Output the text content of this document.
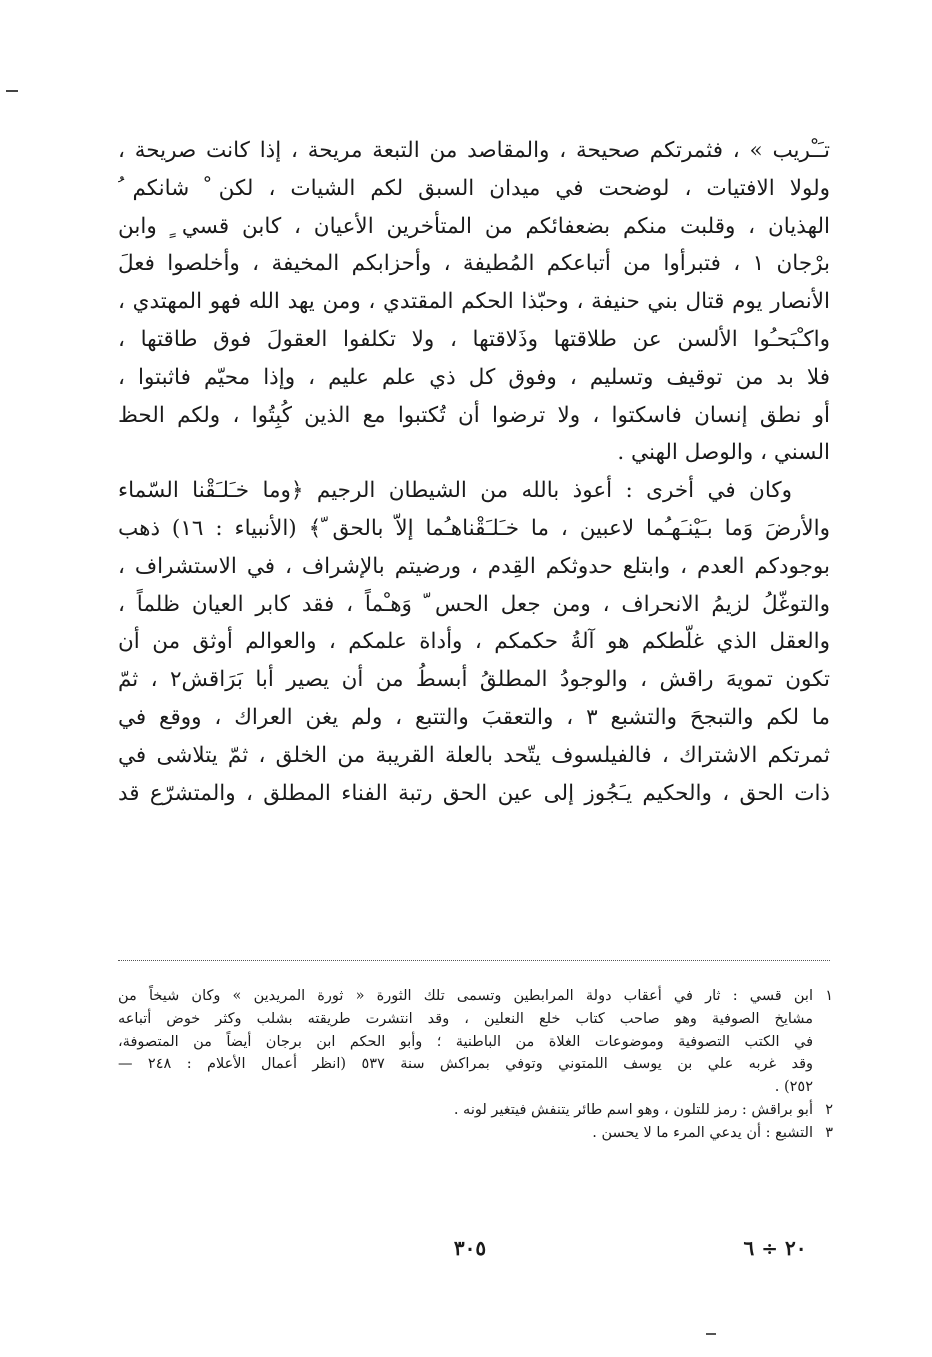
تـَـْريب » ، فثمرتكم صحيحة ، والمقاصد من التبعة مريحة ، إذا كانت صريحة ،
ولولا الافتيات ، لوضحت في ميدان السبق لكم الشيات ، لكن ْ شانكم ُ
الهذيان ، وقلبت منكم بضعفائكم من المتأخرين الأعيان ، كابن قسي ٍ وابن
برْجان ١ ، فتبرأوا من أتباعكم المُطيفة ، وأحزابكم المخيفة ، وأخلصوا فعلَ
الأنصار يوم قتال بني حنيفة ، وحبّذا الحكم المقتدي ، ومن يهد الله فهو المهتدي ،
واكـْبَحـُوا الألسن عن طلاقتها وذَلاقتها ، ولا تكلفوا العقولَ فوق طاقتها ،
فلا بد من توقيف وتسليم ، وفوق كل ذي علم عليم ، وإذا محيّم فاثبتوا ،
أو نطق إنسان فاسكتوا ، ولا ترضوا أن تُكتبوا مع الذين كُبِتُوا ، ولكم الحظ
السني ، والوصل الهني .
وكان في أخرى : أعوذ بالله من الشيطان الرجيم ﴿وما خـَلـَقْنا السّماء
والأرضَ وَما بـَيْنـَهـُما لاعبين ، ما خـَلـَقْناهـُما إلاّ بالحق ّ﴾ (الأنبياء : ١٦) ذهب
بوجودكم العدم ، وابتلع حدوثكم القِدم ، ورضيتم بالإشراف ، في الاستشراف ،
والتوغّلُ لزيمُ الانحراف ، ومن جعل الحس ّ وَهـْماً ، فقد كابر العيان ظلماً ،
والعقل الذي غلّطكم هو آلةُ حكمكم ، وأداة علمكم ، والعوالم أوثق من أن
تكون تمويهَ راقش ، والوجودُ المطلقُ أبسطُ من أن يصير أبا بَرَاقش٢ ، ثمّ
ما لكم والتبجحَ والتشبع ٣ ، والتعقبَ والتتبع ، ولم يغن العراك ، ووقع في
ثمرتكم الاشتراك ، فالفيلسوف يتّحد بالعلة القريبة من الخلق ، ثمّ يتلاشى في
ذات الحق ، والحكيم يـَجُوز إلى عين الحق رتبة الفناء المطلق ، والمتشرّع قد
١
ابن قسي : ثار في أعقاب دولة المرابطين وتسمى تلك الثورة « ثورة المريدين » وكان شيخاً من
مشايخ الصوفية وهو صاحب كتاب خلع النعلين ، وقد انتشرت طريقته بشلب وكثر خوض أتباعه
في الكتب التصوفية وموضوعات الغلاة من الباطنية ؛ وأبو الحكم ابن برجان أيضاً من المتصوفة،
وقد غربه علي بن يوسف اللمتوني وتوفي بمراكش سنة ٥٣٧ (انظر أعمال الأعلام : ٢٤٨ —
٢٥٢) .
٢
أبو براقش : رمز للتلون ، وهو اسم طائر يتنفش فيتغير لونه .
٣
التشبع : أن يدعي المرء ما لا يحسن .
٣٠٥	٢٠ ÷ ٦
